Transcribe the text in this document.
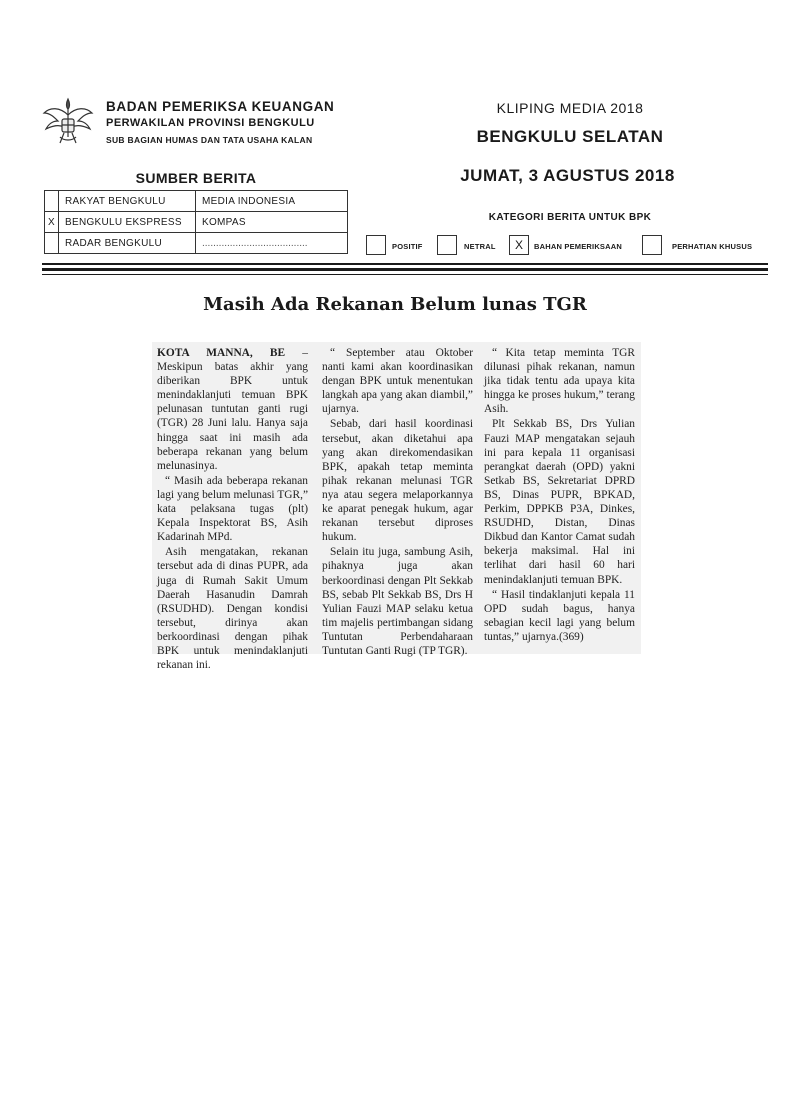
BADAN PEMERIKSA KEUANGAN
PERWAKILAN PROVINSI BENGKULU
SUB BAGIAN HUMAS DAN TATA USAHA KALAN
KLIPING MEDIA 2018
BENGKULU SELATAN
SUMBER BERITA	JUMAT, 3 AGUSTUS 2018
	RAKYAT BENGKULU	MEDIA INDONESIA
X	BENGKULU EKSPRESS	KOMPAS
	RADAR BENGKULU	......................................
KATEGORI BERITA UNTUK BPK
POSITIF	NETRAL	X	BAHAN PEMERIKSAAN	PERHATIAN KHUSUS
Masih Ada Rekanan Belum lunas TGR

KOTA MANNA, BE – Meskipun batas akhir yang diberikan BPK untuk menindaklanjuti temuan BPK pelunasan tuntutan ganti rugi (TGR) 28 Juni lalu. Hanya saja hingga saat ini masih ada beberapa rekanan yang belum melunasinya.

“ Masih ada beberapa rekanan lagi yang belum melunasi TGR,” kata pelaksana tugas (plt) Kepala Inspektorat BS, Asih Kadarinah MPd.

Asih mengatakan, rekanan tersebut ada di dinas PUPR, ada juga di Rumah Sakit Umum Daerah Hasanudin Damrah (RSUDHD). Dengan kondisi tersebut, dirinya akan berkoordinasi dengan pihak BPK untuk menindaklanjuti rekanan ini.

“ September atau Oktober nanti kami akan koordinasikan dengan BPK untuk menentukan langkah apa yang akan diambil,” ujarnya.

Sebab, dari hasil koordinasi tersebut, akan diketahui apa yang akan direkomendasikan BPK, apakah tetap meminta pihak rekanan melunasi TGR nya atau segera melaporkannya ke aparat penegak hukum, agar rekanan tersebut diproses hukum.

Selain itu juga, sambung Asih, pihaknya juga akan berkoordinasi dengan Plt Sekkab BS, sebab Plt Sekkab BS, Drs H Yulian Fauzi MAP selaku ketua tim majelis pertimbangan sidang Tuntutan Perbendaharaan Tuntutan Ganti Rugi (TP TGR).

“ Kita tetap meminta TGR dilunasi pihak rekanan, namun jika tidak tentu ada upaya kita hingga ke proses hukum,” terang Asih.

Plt Sekkab BS, Drs Yulian Fauzi MAP mengatakan sejauh ini para kepala 11 organisasi perangkat daerah (OPD) yakni Setkab BS, Sekretariat DPRD BS, Dinas PUPR, BPKAD, Perkim, DPPKB P3A, Dinkes, RSUDHD, Distan, Dinas Dikbud dan Kantor Camat sudah bekerja maksimal. Hal ini terlihat dari hasil 60 hari menindaklanjuti temuan BPK.

“ Hasil tindaklanjuti kepala 11 OPD sudah bagus, hanya sebagian kecil lagi yang belum tuntas,” ujarnya.(369)
